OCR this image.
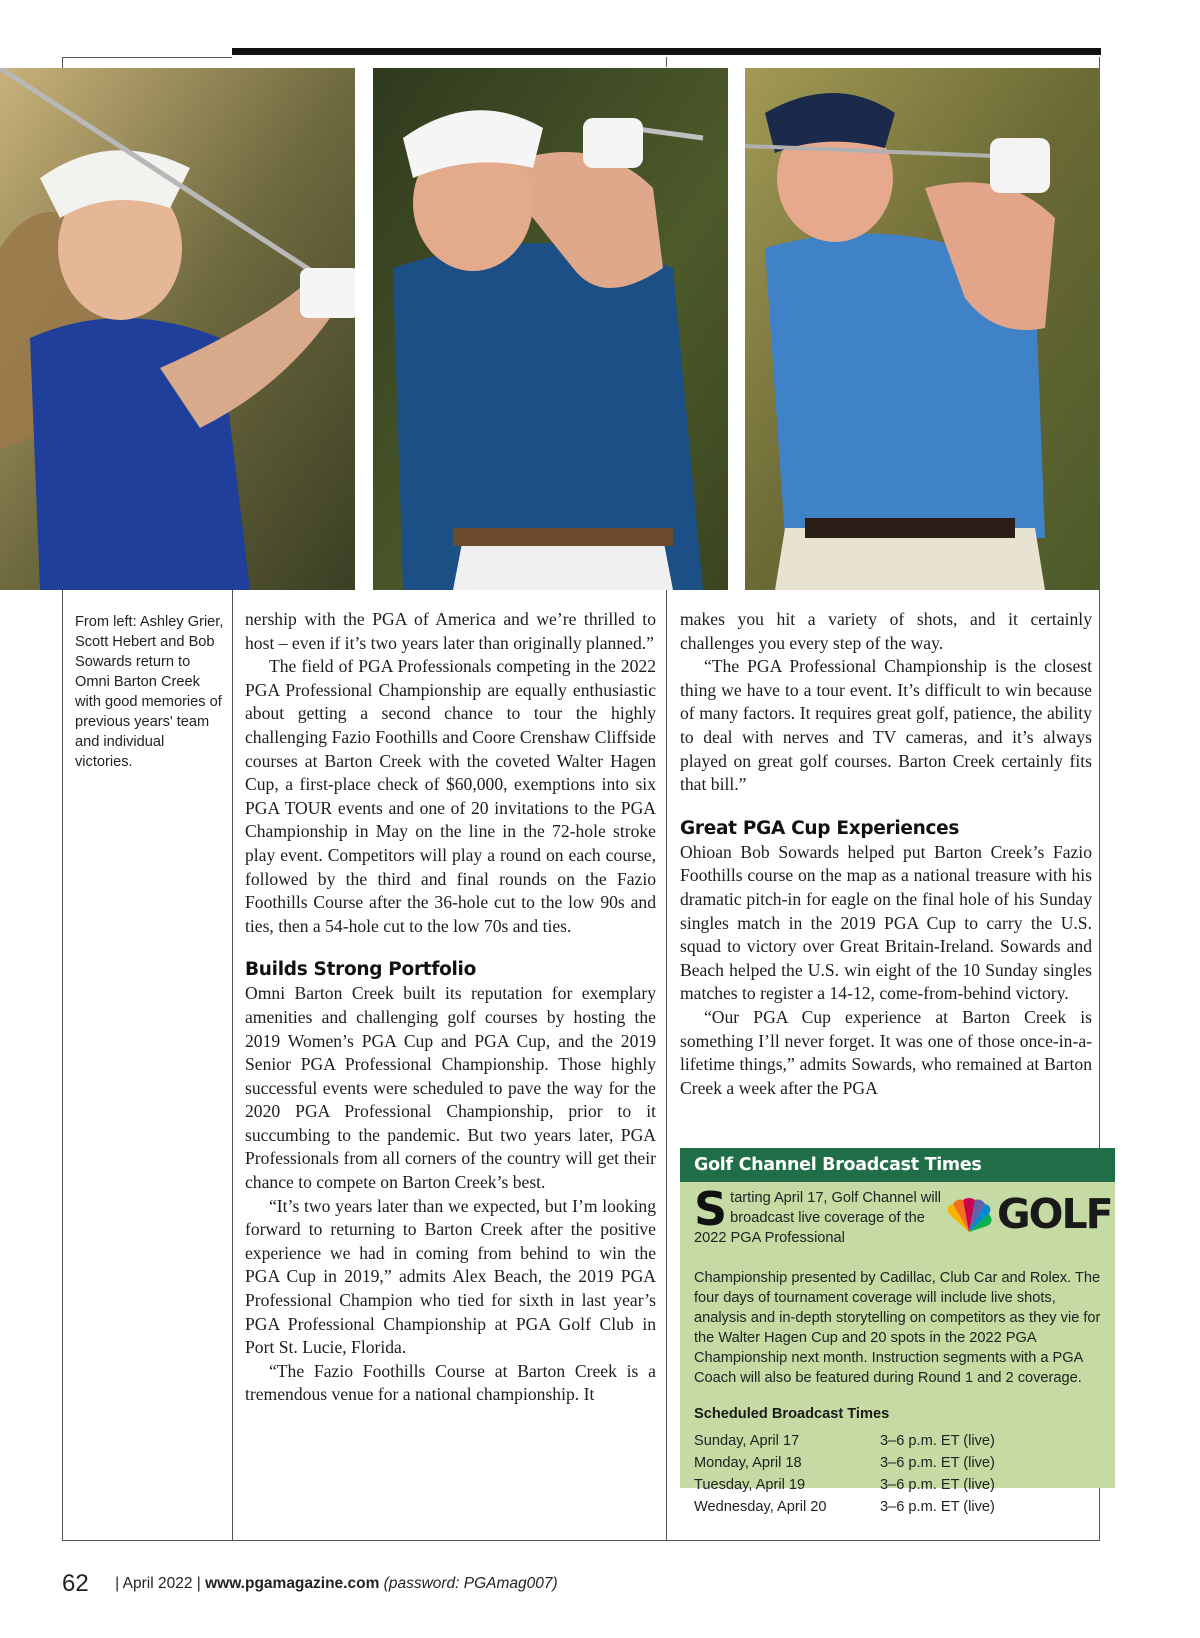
From left: Ashley Grier, Scott Hebert and Bob Sowards return to Omni Barton Creek with good memories of previous years' team and individual victories.

nership with the PGA of America and we’re thrilled to host – even if it’s two years later than originally planned.”

The field of PGA Professionals competing in the 2022 PGA Professional Championship are equally enthusiastic about getting a second chance to tour the highly challenging Fazio Foothills and Coore Crenshaw Cliffside courses at Barton Creek with the coveted Walter Hagen Cup, a first-place check of $60,000, exemptions into six PGA TOUR events and one of 20 invitations to the PGA Championship in May on the line in the 72-hole stroke play event. Competitors will play a round on each course, followed by the third and final rounds on the Fazio Foothills Course after the 36-hole cut to the low 90s and ties, then a 54-hole cut to the low 70s and ties.

Builds Strong Portfolio

Omni Barton Creek built its reputation for exemplary amenities and challenging golf courses by hosting the 2019 Women’s PGA Cup and PGA Cup, and the 2019 Senior PGA Professional Championship. Those highly successful events were scheduled to pave the way for the 2020 PGA Professional Championship, prior to it succumbing to the pandemic. But two years later, PGA Professionals from all corners of the country will get their chance to compete on Barton Creek’s best.

“It’s two years later than we expected, but I’m looking forward to returning to Barton Creek after the positive experience we had in coming from behind to win the PGA Cup in 2019,” admits Alex Beach, the 2019 PGA Professional Champion who tied for sixth in last year’s PGA Professional Championship at PGA Golf Club in Port St. Lucie, Florida.

“The Fazio Foothills Course at Barton Creek is a tremendous venue for a national championship. It

makes you hit a variety of shots, and it certainly challenges you every step of the way.

“The PGA Professional Championship is the closest thing we have to a tour event. It’s difficult to win because of many factors. It requires great golf, patience, the ability to deal with nerves and TV cameras, and it’s always played on great golf courses. Barton Creek certainly fits that bill.”

Great PGA Cup Experiences

Ohioan Bob Sowards helped put Barton Creek’s Fazio Foothills course on the map as a national treasure with his dramatic pitch-in for eagle on the final hole of his Sunday singles match in the 2019 PGA Cup to carry the U.S. squad to victory over Great Britain-Ireland. Sowards and Beach helped the U.S. win eight of the 10 Sunday singles matches to register a 14-12, come-from-behind victory.

“Our PGA Cup experience at Barton Creek is something I’ll never forget. It was one of those once-in-a-lifetime things,” admits Sowards, who remained at Barton Creek a week after the PGA

Golf Channel Broadcast Times
Starting April 17, Golf Channel will broadcast live coverage of the 2022 PGA Professional	GOLF
Championship presented by Cadillac, Club Car and Rolex. The four days of tournament coverage will include live shots, analysis and in-depth storytelling on competitors as they vie for the Walter Hagen Cup and 20 spots in the 2022 PGA Championship next month. Instruction segments with a PGA Coach will also be featured during Round 1 and 2 coverage.
Scheduled Broadcast Times
Sunday, April 17	3–6 p.m. ET (live)
Monday, April 18	3–6 p.m. ET (live)
Tuesday, April 19	3–6 p.m. ET (live)
Wednesday, April 20	3–6 p.m. ET (live)
62 | April 2022 | www.pgamagazine.com (password: PGAmag007)
